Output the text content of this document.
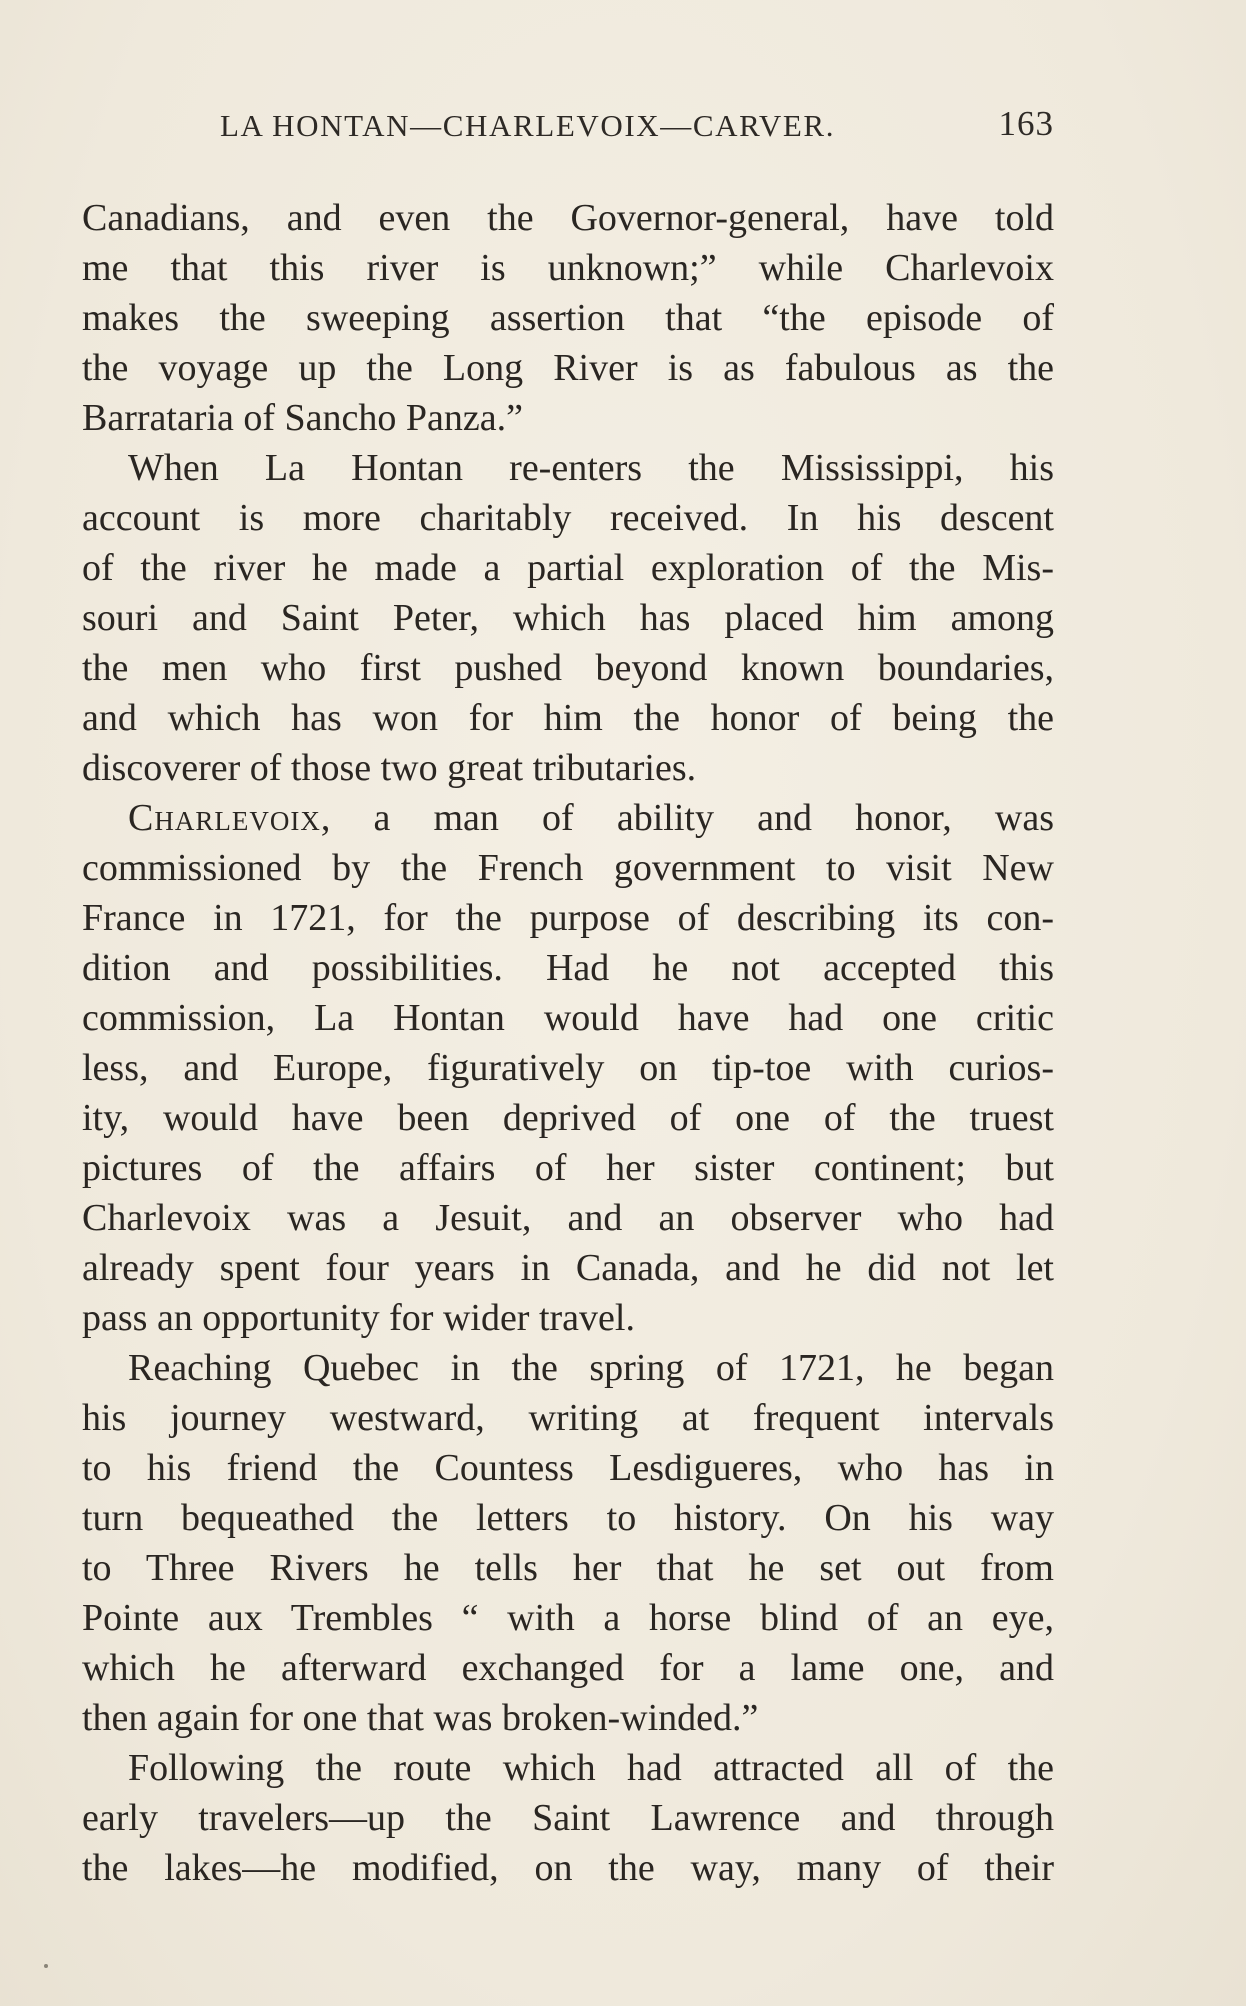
LA HONTAN—CHARLEVOIX—CARVER.	163
Canadians, and even the Governor-general, have told
me that this river is unknown;” while Charlevoix
makes the sweeping assertion that “the episode of
the voyage up the Long River is as fabulous as the
Barrataria of Sancho Panza.”
When La Hontan re-enters the Mississippi, his
account is more charitably received. In his descent
of the river he made a partial exploration of the Mis-
souri and Saint Peter, which has placed him among
the men who first pushed beyond known boundaries,
and which has won for him the honor of being the
discoverer of those two great tributaries.
Charlevoix, a man of ability and honor, was
commissioned by the French government to visit New
France in 1721, for the purpose of describing its con-
dition and possibilities. Had he not accepted this
commission, La Hontan would have had one critic
less, and Europe, figuratively on tip-toe with curios-
ity, would have been deprived of one of the truest
pictures of the affairs of her sister continent; but
Charlevoix was a Jesuit, and an observer who had
already spent four years in Canada, and he did not let
pass an opportunity for wider travel.
Reaching Quebec in the spring of 1721, he began
his journey westward, writing at frequent intervals
to his friend the Countess Lesdigueres, who has in
turn bequeathed the letters to history. On his way
to Three Rivers he tells her that he set out from
Pointe aux Trembles “ with a horse blind of an eye,
which he afterward exchanged for a lame one, and
then again for one that was broken-winded.”
Following the route which had attracted all of the
early travelers—up the Saint Lawrence and through
the lakes—he modified, on the way, many of their
